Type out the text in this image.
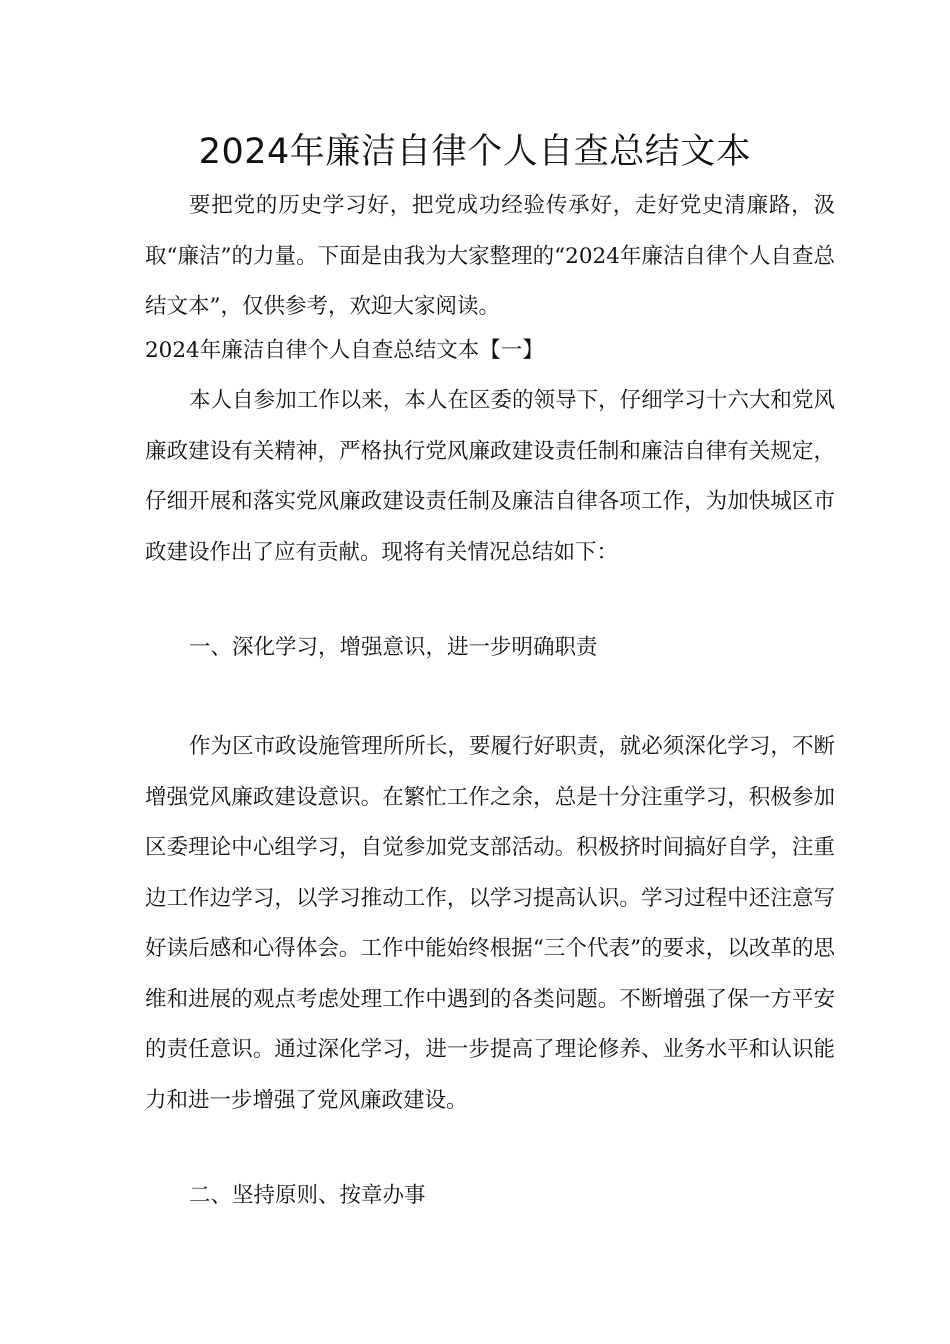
2024年廉洁自律个人自查总结文本

要把党的历史学习好，把党成功经验传承好，走好党史清廉路，汲取“廉洁”的力量。下面是由我为大家整理的“2024年廉洁自律个人自查总结文本”，仅供参考，欢迎大家阅读。

2024年廉洁自律个人自查总结文本【一】

本人自参加工作以来，本人在区委的领导下，仔细学习十六大和党风廉政建设有关精神，严格执行党风廉政建设责任制和廉洁自律有关规定，仔细开展和落实党风廉政建设责任制及廉洁自律各项工作，为加快城区市政建设作出了应有贡献。现将有关情况总结如下：

一、深化学习，增强意识，进一步明确职责

作为区市政设施管理所所长，要履行好职责，就必须深化学习，不断增强党风廉政建设意识。在繁忙工作之余，总是十分注重学习，积极参加区委理论中心组学习，自觉参加党支部活动。积极挤时间搞好自学，注重边工作边学习，以学习推动工作，以学习提高认识。学习过程中还注意写好读后感和心得体会。工作中能始终根据“三个代表”的要求，以改革的思维和进展的观点考虑处理工作中遇到的各类问题。不断增强了保一方平安的责任意识。通过深化学习，进一步提高了理论修养、业务水平和认识能力和进一步增强了党风廉政建设。

二、坚持原则、按章办事
